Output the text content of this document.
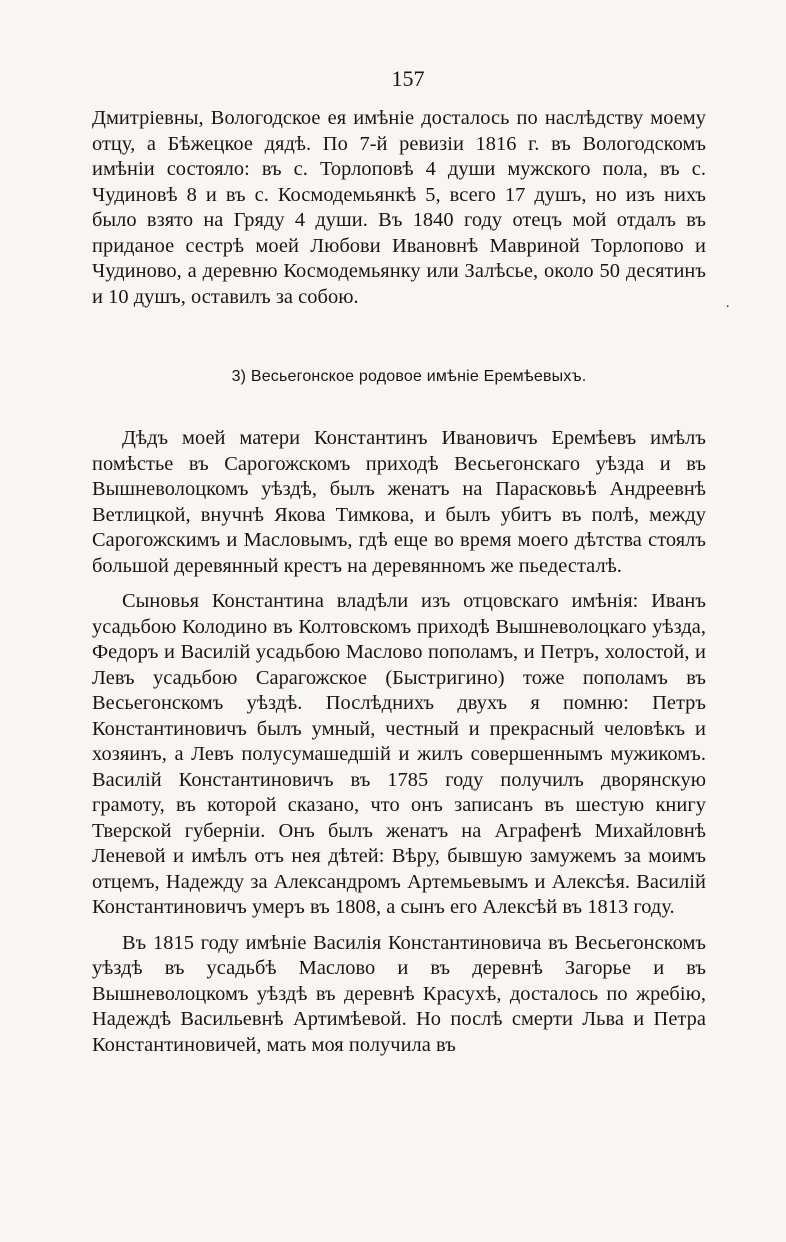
157

Дмитріевны, Вологодское ея имѣніе досталось по наслѣдству моему отцу, а Бѣжецкое дядѣ. По 7-й ревизіи 1816 г. въ Вологодскомъ имѣніи состояло: въ с. Торлоповѣ 4 души мужского пола, въ с. Чудиновѣ 8 и въ с. Космодемьянкѣ 5, всего 17 душъ, но изъ нихъ было взято на Гряду 4 души. Въ 1840 году отецъ мой отдалъ въ приданое сестрѣ моей Любови Ивановнѣ Мавриной Торлопово и Чудиново, а деревню Космодемьянку или Залѣсье, около 50 десятинъ и 10 душъ, оставилъ за собою.

3) Весьегонское родовое имѣніе Еремѣевыхъ.

Дѣдъ моей матери Константинъ Ивановичъ Еремѣевъ имѣлъ помѣстье въ Сарогожскомъ приходѣ Весьегонскаго уѣзда и въ Вышневолоцкомъ уѣздѣ, былъ женатъ на Парасковьѣ Андреевнѣ Ветлицкой, внучнѣ Якова Тимкова, и былъ убитъ въ полѣ, между Сарогожскимъ и Масловымъ, гдѣ еще во время моего дѣтства стоялъ большой деревянный крестъ на деревянномъ же пьедесталѣ.

Сыновья Константина владѣли изъ отцовскаго имѣнія: Иванъ усадьбою Колодино въ Колтовскомъ приходѣ Вышневолоцкаго уѣзда, Федоръ и Василій усадьбою Маслово пополамъ, и Петръ, холостой, и Левъ усадьбою Сарагожское (Быстригино) тоже пополамъ въ Весьегонскомъ уѣздѣ. Послѣднихъ двухъ я помню: Петръ Константиновичъ былъ умный, честный и прекрасный человѣкъ и хозяинъ, а Левъ полусумашедшій и жилъ совершеннымъ мужикомъ. Василій Константиновичъ въ 1785 году получилъ дворянскую грамоту, въ которой сказано, что онъ записанъ въ шестую книгу Тверской губерніи. Онъ былъ женатъ на Аграфенѣ Михайловнѣ Леневой и имѣлъ отъ нея дѣтей: Вѣру, бывшую замужемъ за моимъ отцемъ, Надежду за Александромъ Артемьевымъ и Алексѣя. Василій Константиновичъ умеръ въ 1808, а сынъ его Алексѣй въ 1813 году.

Въ 1815 году имѣніе Василія Константиновича въ Весьегонскомъ уѣздѣ въ усадьбѣ Маслово и въ деревнѣ Загорье и въ Вышневолоцкомъ уѣздѣ въ деревнѣ Красухѣ, досталось по жребію, Надеждѣ Васильевнѣ Артимѣевой. Но послѣ смерти Льва и Петра Константиновичей, мать моя получила въ

·
